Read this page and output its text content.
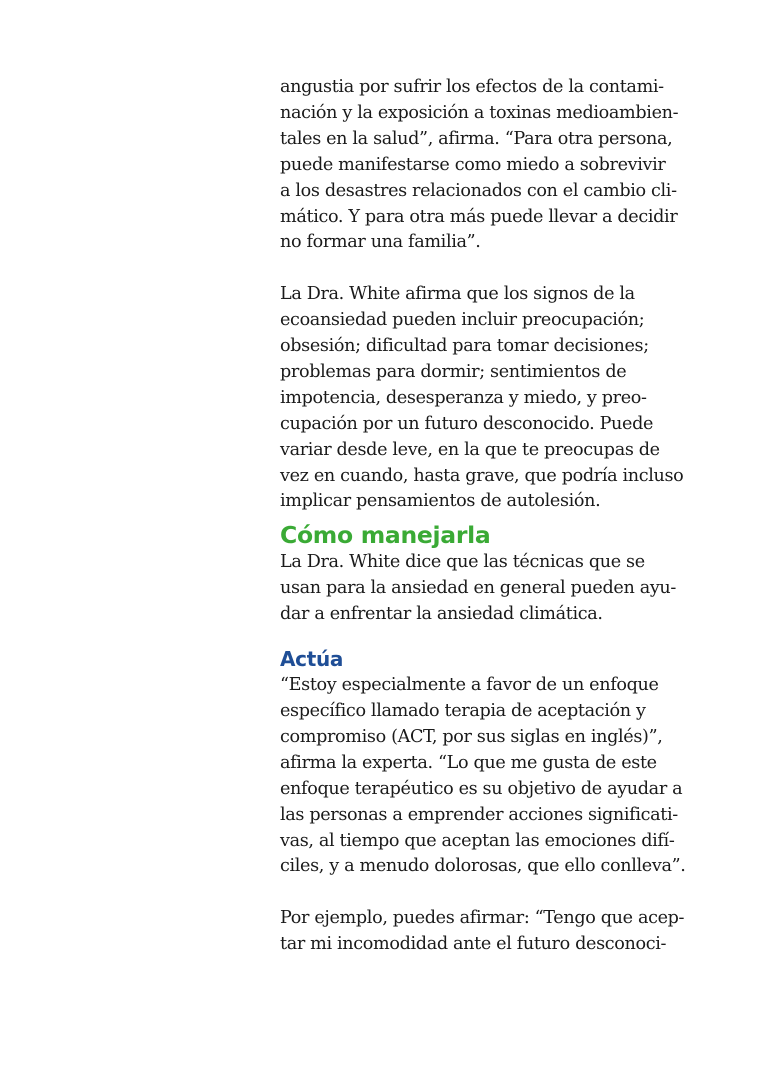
angustia por sufrir los efectos de la contami-
nación y la exposición a toxinas medioambien-
tales en la salud”, afirma. “Para otra persona,
puede manifestarse como miedo a sobrevivir
a los desastres relacionados con el cambio cli-
mático. Y para otra más puede llevar a decidir
no formar una familia”.
La Dra. White afirma que los signos de la
ecoansiedad pueden incluir preocupación;
obsesión; dificultad para tomar decisiones;
problemas para dormir; sentimientos de
impotencia, desesperanza y miedo, y preo-
cupación por un futuro desconocido. Puede
variar desde leve, en la que te preocupas de
vez en cuando, hasta grave, que podría incluso
implicar pensamientos de autolesión.
Cómo manejarla
La Dra. White dice que las técnicas que se
usan para la ansiedad en general pueden ayu-
dar a enfrentar la ansiedad climática.
Actúa
“Estoy especialmente a favor de un enfoque
específico llamado terapia de aceptación y
compromiso (ACT, por sus siglas en inglés)”,
afirma la experta. “Lo que me gusta de este
enfoque terapéutico es su objetivo de ayudar a
las personas a emprender acciones significati-
vas, al tiempo que aceptan las emociones difí-
ciles, y a menudo dolorosas, que ello conlleva”.
Por ejemplo, puedes afirmar: “Tengo que acep-
tar mi incomodidad ante el futuro desconoci-
